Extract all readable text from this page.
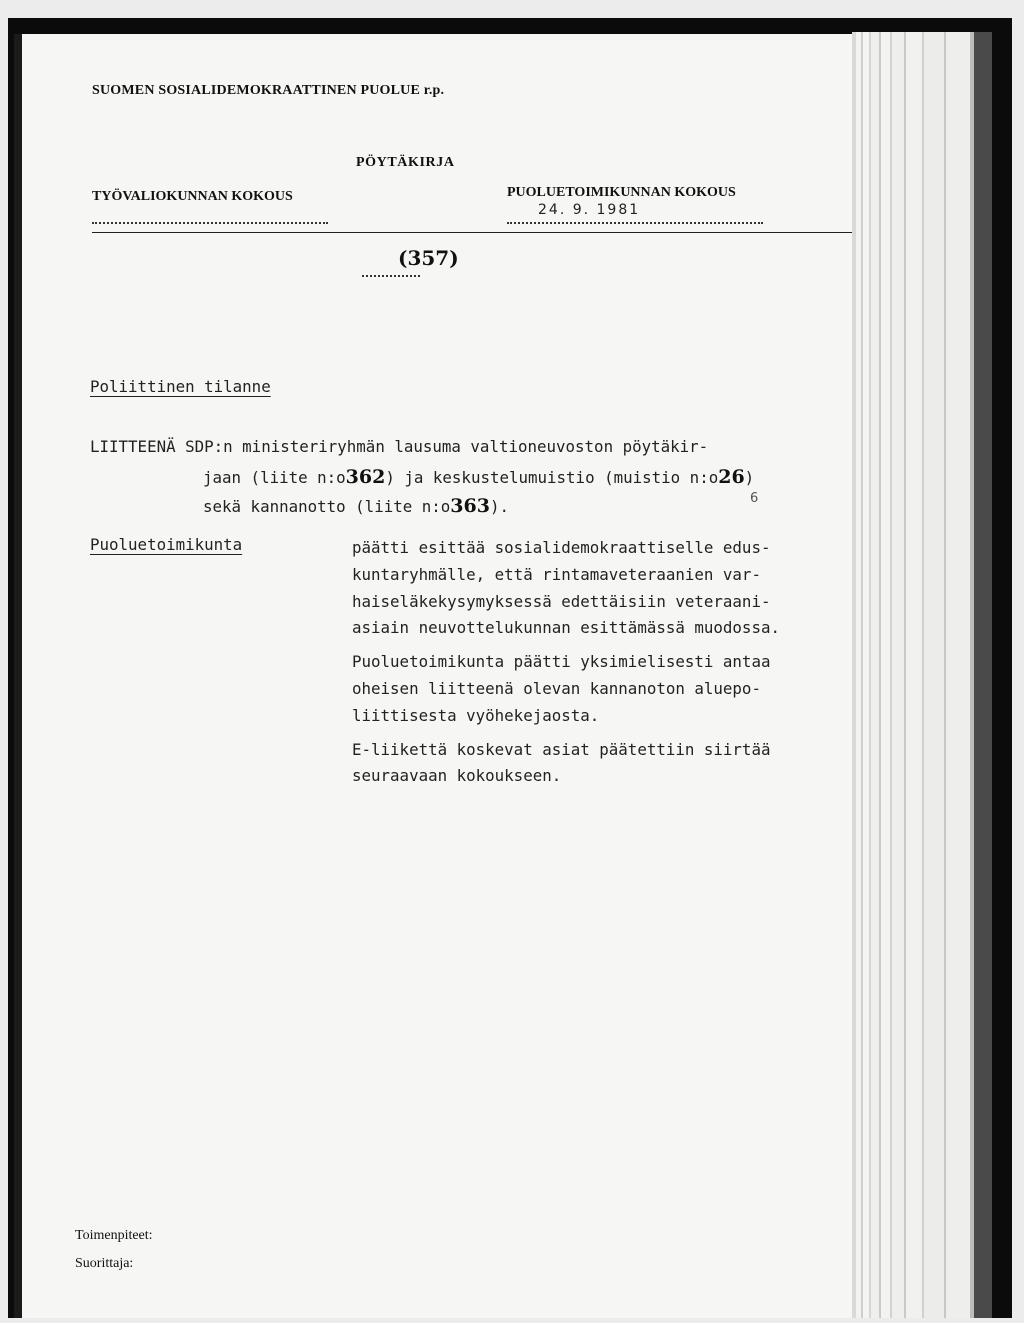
SUOMEN SOSIALIDEMOKRAATTINEN PUOLUE r.p.
PÖYTÄKIRJA
TYÖVALIOKUNNAN KOKOUS	PUOLUETOIMIKUNNAN KOKOUS
24. 9. 1981
6
(357)
Poliittinen tilanne
LIITTEENÄ SDP:n ministeriryhmän lausuma valtioneuvoston pöytäkir-
jaan (liite n:o362) ja keskustelumuistio (muistio n:o26)
sekä kannanotto (liite n:o363).
Puoluetoimikunta	päätti esittää sosialidemokraattiselle edus-
kuntaryhmälle, että rintamaveteraanien var-
haiseläkekysymyksessä edettäisiin veteraani-
asiain neuvottelukunnan esittämässä muodossa.

Puoluetoimikunta päätti yksimielisesti antaa
oheisen liitteenä olevan kannanoton aluepo-
liittisesta vyöhekejaosta.

E-liikettä koskevat asiat päätettiin siirtää
seuraavaan kokoukseen.

Toimenpiteet:
Suorittaja:
